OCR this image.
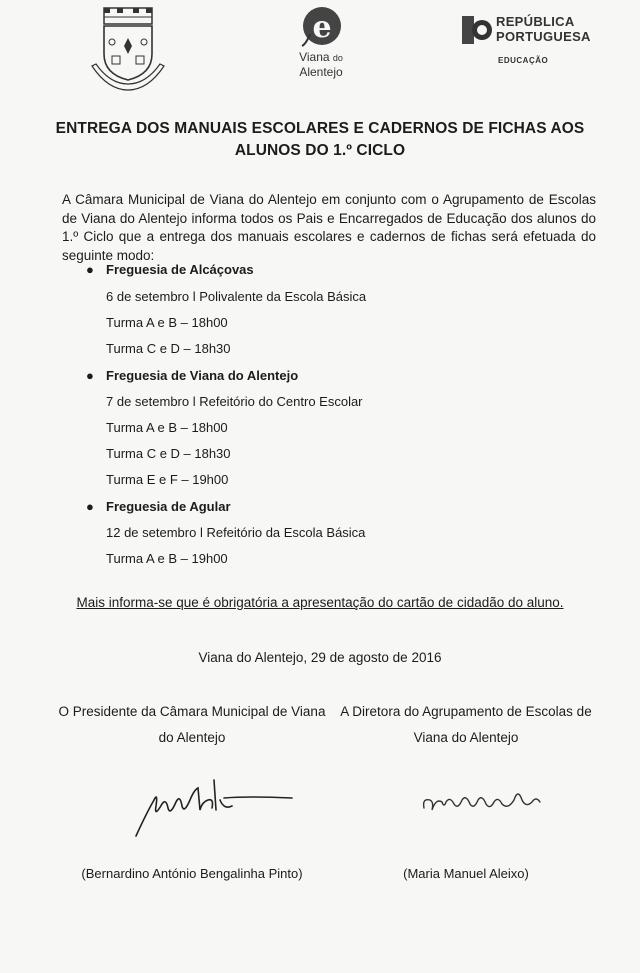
e
Viana do
Alentejo
REPÚBLICA
PORTUGUESA
EDUCAÇÃO
ENTREGA DOS MANUAIS ESCOLARES E CADERNOS DE FICHAS AOS
ALUNOS DO 1.º CICLO
A Câmara Municipal de Viana do Alentejo em conjunto com o Agrupamento de Escolas de Viana do Alentejo informa todos os Pais e Encarregados de Educação dos alunos do 1.º Ciclo que a entrega dos manuais escolares e cadernos de fichas será efetuada do seguinte modo:
● Freguesia de Alcáçovas
6 de setembro l Polivalente da Escola Básica
Turma A e B – 18h00
Turma C e D – 18h30
● Freguesia de Viana do Alentejo
7 de setembro l Refeitório do Centro Escolar
Turma A e B – 18h00
Turma C e D – 18h30
Turma E e F – 19h00
● Freguesia de Agular
12 de setembro l Refeitório da Escola Básica
Turma A e B – 19h00
Mais informa-se que é obrigatória a apresentação do cartão de cidadão do aluno.
Viana do Alentejo, 29 de agosto de 2016
O Presidente da Câmara Municipal de Viana
do Alentejo
(Bernardino António Bengalinha Pinto)
A Diretora do Agrupamento de Escolas de
Viana do Alentejo
(Maria Manuel Aleixo)
